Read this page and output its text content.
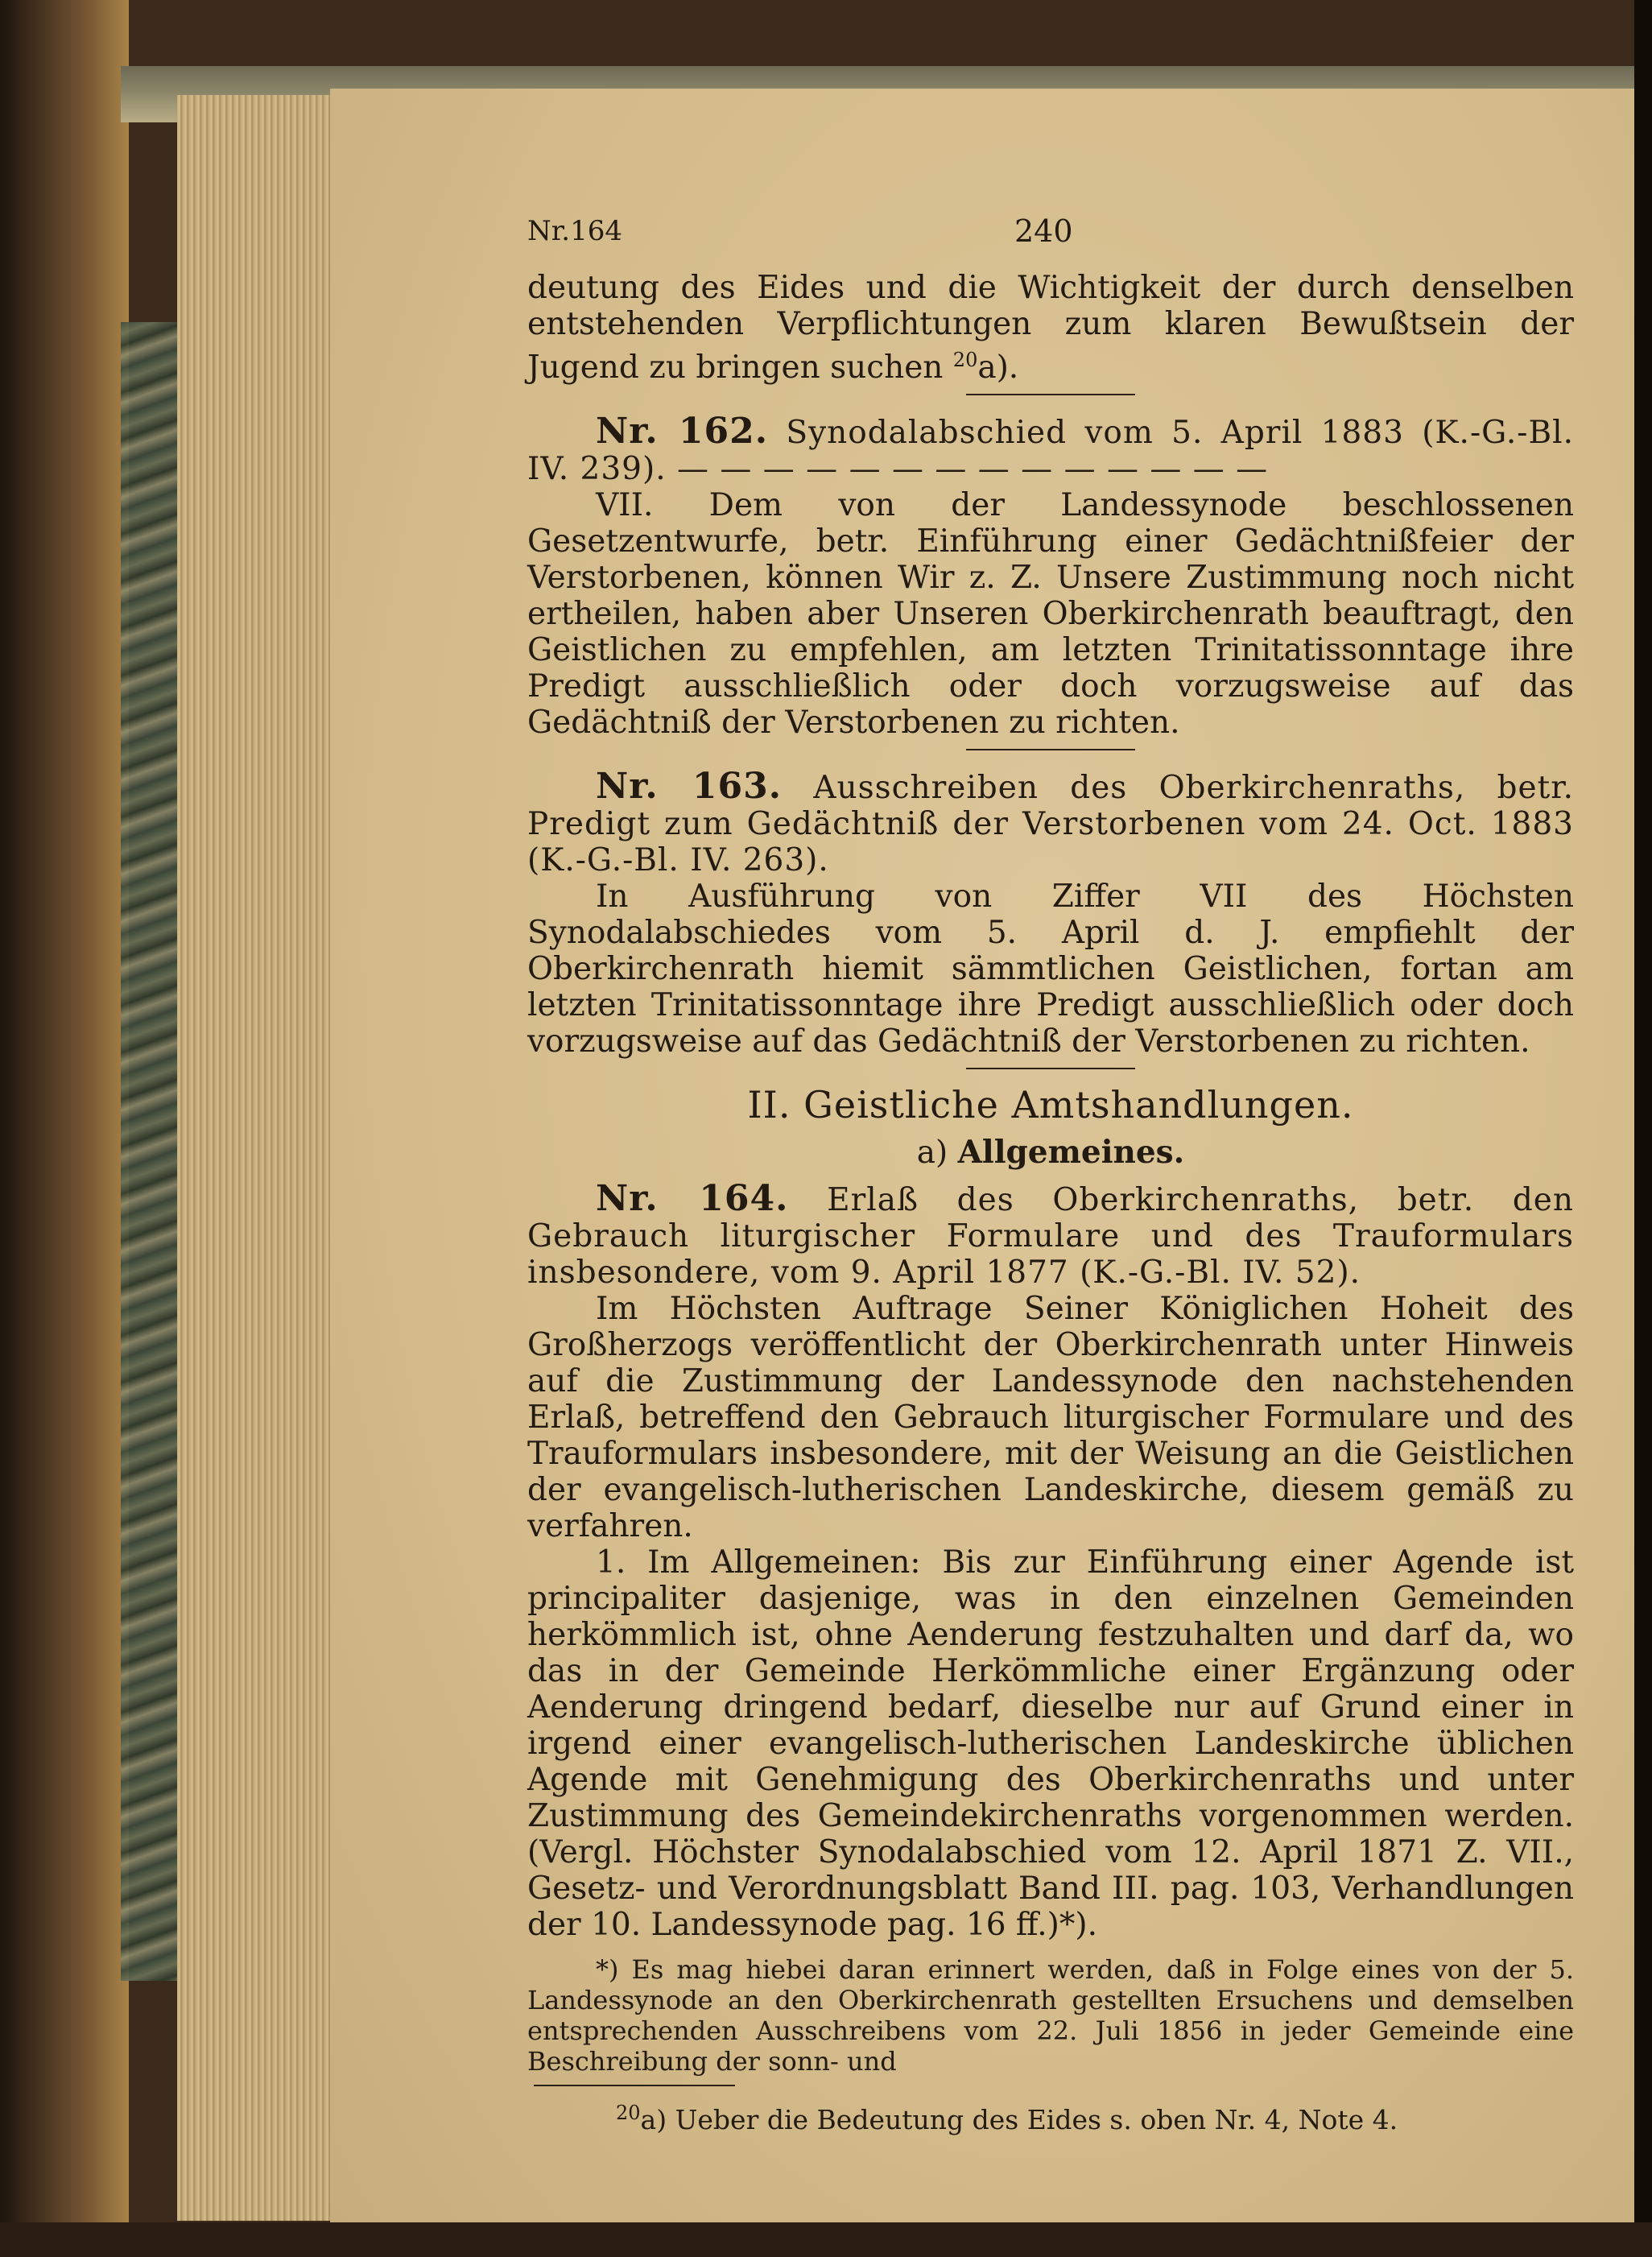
Nr.164	240

deutung des Eides und die Wichtigkeit der durch denselben entstehenden Verpflichtungen zum klaren Bewußtsein der Jugend zu bringen suchen $^{20}$a).

Nr. 162. Synodalabschied vom 5. April 1883 (K.-G.-Bl. IV. 239). — — — — — — — — — — — — — —

VII. Dem von der Landessynode beschlossenen Gesetzentwurfe, betr. Einführung einer Gedächtnißfeier der Verstorbenen, können Wir z. Z. Unsere Zustimmung noch nicht ertheilen, haben aber Unseren Oberkirchenrath beauftragt, den Geistlichen zu empfehlen, am letzten Trinitatissonntage ihre Predigt ausschließlich oder doch vorzugsweise auf das Gedächtniß der Verstorbenen zu richten.

Nr. 163. Ausschreiben des Oberkirchenraths, betr. Predigt zum Gedächtniß der Verstorbenen vom 24. Oct. 1883 (K.-G.-Bl. IV. 263).

In Ausführung von Ziffer VII des Höchsten Synodalabschiedes vom 5. April d. J. empfiehlt der Oberkirchenrath hiemit sämmtlichen Geistlichen, fortan am letzten Trinitatissonntage ihre Predigt ausschließlich oder doch vorzugsweise auf das Gedächtniß der Verstorbenen zu richten.

II. Geistliche Amtshandlungen.
a) Allgemeines.

Nr. 164. Erlaß des Oberkirchenraths, betr. den Gebrauch liturgischer Formulare und des Trauformulars insbesondere, vom 9. April 1877 (K.-G.-Bl. IV. 52).

Im Höchsten Auftrage Seiner Königlichen Hoheit des Großherzogs veröffentlicht der Oberkirchenrath unter Hinweis auf die Zustimmung der Landessynode den nachstehenden Erlaß, betreffend den Gebrauch liturgischer Formulare und des Trauformulars insbesondere, mit der Weisung an die Geistlichen der evangelisch-lutherischen Landeskirche, diesem gemäß zu verfahren.

1. Im Allgemeinen: Bis zur Einführung einer Agende ist principaliter dasjenige, was in den einzelnen Gemeinden herkömmlich ist, ohne Aenderung festzuhalten und darf da, wo das in der Gemeinde Herkömmliche einer Ergänzung oder Aenderung dringend bedarf, dieselbe nur auf Grund einer in irgend einer evangelisch-lutherischen Landeskirche üblichen Agende mit Genehmigung des Oberkirchenraths und unter Zustimmung des Gemeindekirchenraths vorgenommen werden. (Vergl. Höchster Synodalabschied vom 12. April 1871 Z. VII., Gesetz- und Verordnungsblatt Band III. pag. 103, Verhandlungen der 10. Landessynode pag. 16 ff.)*).

*) Es mag hiebei daran erinnert werden, daß in Folge eines von der 5. Landessynode an den Oberkirchenrath gestellten Ersuchens und demselben entsprechenden Ausschreibens vom 22. Juli 1856 in jeder Gemeinde eine Beschreibung der sonn- und

$^{20}$a) Ueber die Bedeutung des Eides s. oben Nr. 4, Note 4.
